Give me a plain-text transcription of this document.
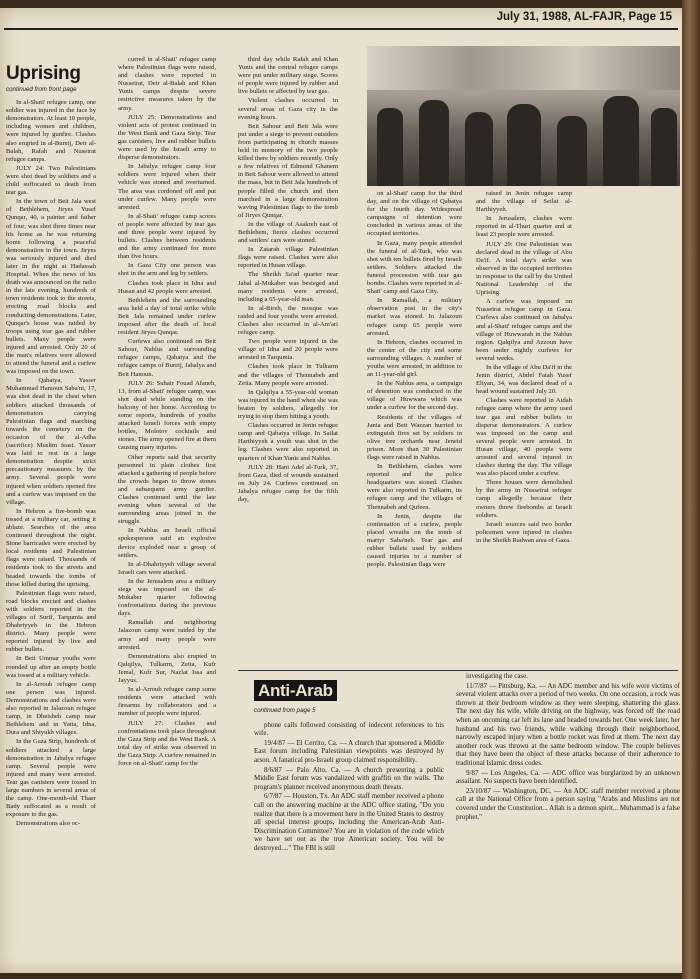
July 31, 1988, AL-FAJR, Page 15
Uprising
continued from front page

In al-Shati' refugee camp, one soldier was injured in the face by demonstrators. At least 10 people, including women and children, were injured by gunfire. Clashes also erupted in al-Bureij, Deir al-Balah, Rafah and Nuseirat refugee camps.

JULY 24: Two Palestinians were shot dead by soldiers and a child suffocated to death from tear gas.

In the town of Beit Jala west of Bethlehem, Jiryes Yusef Qunqar, 40, a painter and father of four, was shot three times near his home as he was returning home following a peaceful demonstration in the town. Jiryes was seriously injured and died later in the night at Hadassah Hospital. When the news of his death was announced on the radio in the late evening, hundreds of town residents took to the streets, erecting road blocks and conducting demonstrations. Later, Qunqar's house was raided by troops using tear gas and rubber bullets. Many people were injured and arrested. Only 20 of the man's relatives were allowed to attend the funeral and a curfew was imposed on the town.

In Qabatya, Yasser Muhammad Hamoun Saba'ni, 17, was shot dead in the chest when soldiers attacked thousands of demonstrators carrying Palestinian flags and marching towards the cemetery on the occasion of the al-Adha (sacrifice) Muslim feast. Yasser was laid to rest in a large demonstration despite strict precautionary measures by the army. Several people were injured when soldiers opened fire and a curfew was imposed on the village.

In Hebron a fire-bomb was tossed at a military car, setting it ablaze. Searches of the area continued throughout the night. Stone barricades were erected by local residents and Palestinian flags were raised. Thousands of residents took to the streets and headed towards the tombs of those killed during the uprising.

Palestinian flags were raised, road blocks erected and clashes with soldiers reported in the villages of Surif, Tarqumia and Dhahriyyeh in the Hebron district. Many people were reported injured by live and rubber bullets.

In Beit Ummar youths were rounded up after an empty bottle was tossed at a military vehicle.

In al-Arroub refugee camp one person was injured. Demonstrations and clashes were also reported in Jalazoun refugee camp, in Dheisheh camp near Bethlehem and in Yatta, Idna, Dura and Shiyukh villages.

In the Gaza Strip, hundreds of soldiers attacked a large demonstration in Jabalya refugee camp. Several people were injured and many were arrested. Tear gas canisters were tossed in large numbers in several areas of the camp. One-month-old Thaer Bady suffocated as a result of exposure to the gas.

Demonstrations also oc-

curred in al-Shati' refugee camp where Palestinian flags were raised, and clashes were reported in Nusseirat, Deir al-Balah and Khan Yunis camps despite severe restrictive measures taken by the army.

JULY 25: Demonstrations and violent acts of protest continued in the West Bank and Gaza Strip. Tear gas canisters, live and rubber bullets were used by the Israeli army to disperse demonstrators.

In Jabalya refugee camp four soldiers were injured when their vehicle was stoned and overturned. The area was cordoned off and put under curfew. Many people were arrested.

In al-Shati' refugee camp scores of people were affected by tear gas and three people were injured by bullets. Clashes between residents and the army continued for more than five hours.

In Gaza City one person was shot in the arm and leg by settlers.

Clashes took place in Idna and Husan and 42 people were arrested.

Bethlehem and the surrounding area held a day of total strike while Beit Jala remained under curfew imposed after the death of local resident Jiryes Qunqar.

Curfews also continued on Beit Sahour, Nablus and surrounding refugee camps, Qabatya and the refugee camps of Bureij, Jabalya and Beit Hanoun.

JULY 26: Suhair Fouad Afaneh, 13, from al-Shati' refugee camp, was shot dead while standing on the balcony of her home. According to some reports, hundreds of youths attacked Israeli forces with empty bottles, Molotov cocktails and stones. The army opened fire at them causing many injuries.

Other reports said that security personnel in plain clothes first attacked a gathering of people before the crowds began to throw stones and subsequent army gunfire. Clashes continued until the late evening when several of the surrounding areas joined in the struggle.

In Nablus an Israeli official spokesperson said an explosive device exploded near a group of settlers.

In al-Dhahriyyeh village several Israeli cars were attacked.

In the Jerusalem area a military siege was imposed on the al-Mukaber quarter following confrontations during the previous days.

Ramallah and neighboring Jalazoun camp were raided by the army and many people were arrested.

Demonstrations also erupted in Qalqilya, Tulkarm, Zeita, Kufr Jemal, Kufr Sur, Nazlat Issa and Jayyus.

In al-Arroub refugee camp some residents were attacked with firearms by collaborators and a number of people were injured.

JULY 27: Clashes and confrontations took place throughout the Gaza Strip and the West Bank. A total day of strike was observed in the Gaza Strip. A curfew remained in force on al-Shati' camp for the

third day while Rafah and Khan Yunis and the central refugee camps were put under military siege. Scores of people were injured by rubber and live bullets or affected by tear gas.

Violent clashes occurred in several areas of Gaza city in the evening hours.

Beit Sahour and Beit Jala were put under a siege to prevent outsiders from participating in church masses held in memory of the two people killed there by soldiers recently. Only a few relatives of Edmond Ghanem in Beit Sahour were allowed to attend the mass, but in Beit Jala hundreds of people filled the church and then marched in a large demonstration waving Palestinian flags to the tomb of Jiryes Qunqar.

In the village of Asakreh east of Bethlehem, fierce clashes occurred and settlers' cars were stoned.

In Zatarah village Palestinian flags were raised. Clashes were also reported in Husan village.

The Sheikh Sa'ad quarter near Jabal al-Mukaber was besieged and many residents were arrested, including a 65-year-old man.

In al-Bireh, the mosque was raided and four youths were arrested. Clashes also occurred in al-Am'ari refugee camp.

Two people were injured in the village of Idna and 20 people were arrested in Tarqumia.

Clashes took place in Tulkarm and the villages of Thennabeh and Zeita. Many people were arrested.

In Qalqilya a 55-year-old woman was injured in the hand when she was beaten by soldiers, allegedly for trying to stop them hitting a youth.

Clashes occurred in Jenin refugee camp and Qabatya village. In Sailat Harthiyyeh a youth was shot in the leg. Clashes were also reported in quarters of Khan Yunis and Nablus.

JULY 28: Hani Adel al-Turk, 37, from Gaza, died of wounds sustained on July 24. Curfews continued on Jabalya refugee camp for the fifth day,

on al-Shati' camp for the third day, and on the village of Qabatya for the fourth day. Widespread campaigns of detention were concluded in various areas of the occupied territories.

In Gaza, many people attended the funeral of al-Turk, who was shot with ten bullets fired by Israeli settlers. Soldiers attacked the funeral procession with tear gas bombs. Clashes were reported in al-Shati' camp and Gaza City.

In Ramallah, a military observation post in the city's market was stoned. In Jalazoun refugee camp 65 people were arrested.

In Hebron, clashes occurred in the center of the city and some surrounding villages. A number of youths were arrested, in addition to an 11-year-old girl.

In the Nablus area, a campaign of detention was conducted in the village of Huwwara which was under a curfew for the second day.

Residents of the villages of Jania and Beit Wazzan hurried to extinguish fires set by soldiers in olive tree orchards near Jeneid prison. More than 30 Palestinian flags were raised in Nablus.

In Bethlehem, clashes were reported and the police headquarters was stoned. Clashes were also reported in Tulkarm, its refugee camp and the villages of Thennabeh and Qufeen.

In Jenin, despite the continuation of a curfew, people placed wreaths on the tomb of martyr Saba'neh. Tear gas and rubber bullets used by soldiers caused injuries to a number of people. Palestinian flags were

raised in Jenin refugee camp and the village of Seilat al-Harthiyyeh.

In Jerusalem, clashes were reported in al-Thuri quarter and at least 23 people were arrested.

JULY 29: One Palestinian was declared dead in the village of Abu Da'if. A total day's strike was observed in the occupied territories in response to the call by the United National Leadership of the Uprising.

A curfew was imposed on Nusseirat refugee camp in Gaza. Curfews also continued on Jabalya and al-Shati' refugee camps and the village of Huwwarah in the Nablus region. Qalqilya and Azzoun have been under nightly curfews for several weeks.

In the village of Abu Da'if in the Jenin district, Abdel Fatah Yusef Eliyan, 34, was declared dead of a head wound sustained July 20.

Clashes were reported in Aidah refugee camp where the army used tear gas and rubber bullets to disperse demonstrators. A curfew was imposed on the camp and several people were arrested. In Husan village, 40 people were arrested and several injured in clashes during the day. The village was also placed under a curfew.

Three houses were demolished by the army in Nusseirat refugee camp allegedly because their owners threw firebombs at Israeli soldiers.

Israeli sources said two border policemen were injured in clashes in the Sheikh Radwan area of Gaza.

Anti-Arab
continued from page 5

phone calls followed consisting of indecent references to his wife.

19/4/87 — El Cerrito, Ca. — A church that sponsored a Middle East forum including Palestinian viewpoints was destroyed by arson. A fanatical pro-Israeli group claimed responsibility.

8/6/87 — Palo Alto, Ca. — A church presenting a public Middle East forum was vandalized with graffiti on the walls. The program's planner received anonymous death threats.

6/7/87 — Houston, Tx. An ADC staff member received a phone call on the answering machine at the ADC office stating, "Do you realize that there is a movement here in the United States to destroy all special interest groups, including the American-Arab Anti-Discrimination Committee? You are in violation of the code which we have set out as the true American society. You will be destroyed...." The FBI is still

investigating the case.

11/7/87 — Pittsburg, Ka. — An ADC member and his wife were victims of several violent attacks over a period of two weeks. On one occasion, a rock was thrown at their bedroom window as they were sleeping, shattering the glass. The next day his wife, while driving on the highway, was forced off the road when an oncoming car left its lane and headed towards her. One week later, her husband and his two friends, while walking through their neighborhood, narrowly escaped injury when a bottle rocket was fired at them. The next day another rock was thrown at the same bedroom window. The couple believes that they have been the object of these attacks because of their adherence to traditional Islamic dress codes.

9/87 — Los Angeles, Ca. — ADC office was burglarized by an unknown assailant. No suspects have been identified.

23/10/87 — Washington, DC. — An ADC staff member received a phone call at the National Office from a person saying "Arabs and Muslims are not covered under the Constitution... Allah is a demon spirit... Muhammad is a false prophet."
